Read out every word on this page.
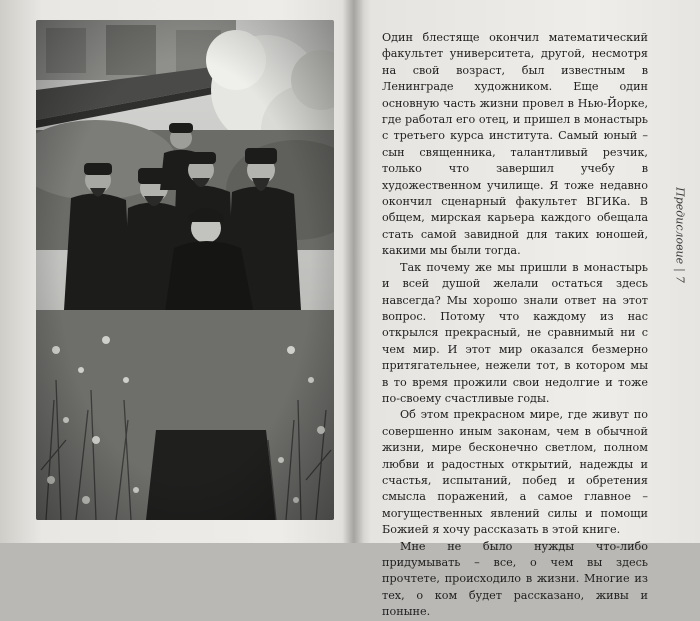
Один блестяще окончил математический факультет университета, другой, несмотря на свой возраст, был известным в Ленинграде художником. Еще один основную часть жизни провел в Нью-Йорке, где работал его отец, и пришел в монастырь с третьего курса института. Самый юный – сын священника, талантливый резчик, только что завершил учебу в художественном училище. Я тоже недавно окончил сценарный факультет ВГИКа. В общем, мирская карьера каждого обещала стать самой завидной для таких юношей, какими мы были тогда.

Так почему же мы пришли в монастырь и всей душой желали остаться здесь навсегда? Мы хорошо знали ответ на этот вопрос. Потому что каждому из нас открылся прекрасный, не сравнимый ни с чем мир. И этот мир оказался безмерно притягательнее, нежели тот, в котором мы в то время прожили свои недолгие и тоже по-своему счастливые годы.

Об этом прекрасном мире, где живут по совершенно иным законам, чем в обычной жизни, мире бесконечно светлом, полном любви и радостных открытий, надежды и счастья, испытаний, побед и обретения смысла поражений, а самое главное – могущественных явлений силы и помощи Божией я хочу рассказать в этой книге.

Мне не было нужды что-либо придумывать – все, о чем вы здесь прочтете, происходило в жизни. Многие из тех, о ком будет рассказано, живы и поныне.

Предисловие|7
